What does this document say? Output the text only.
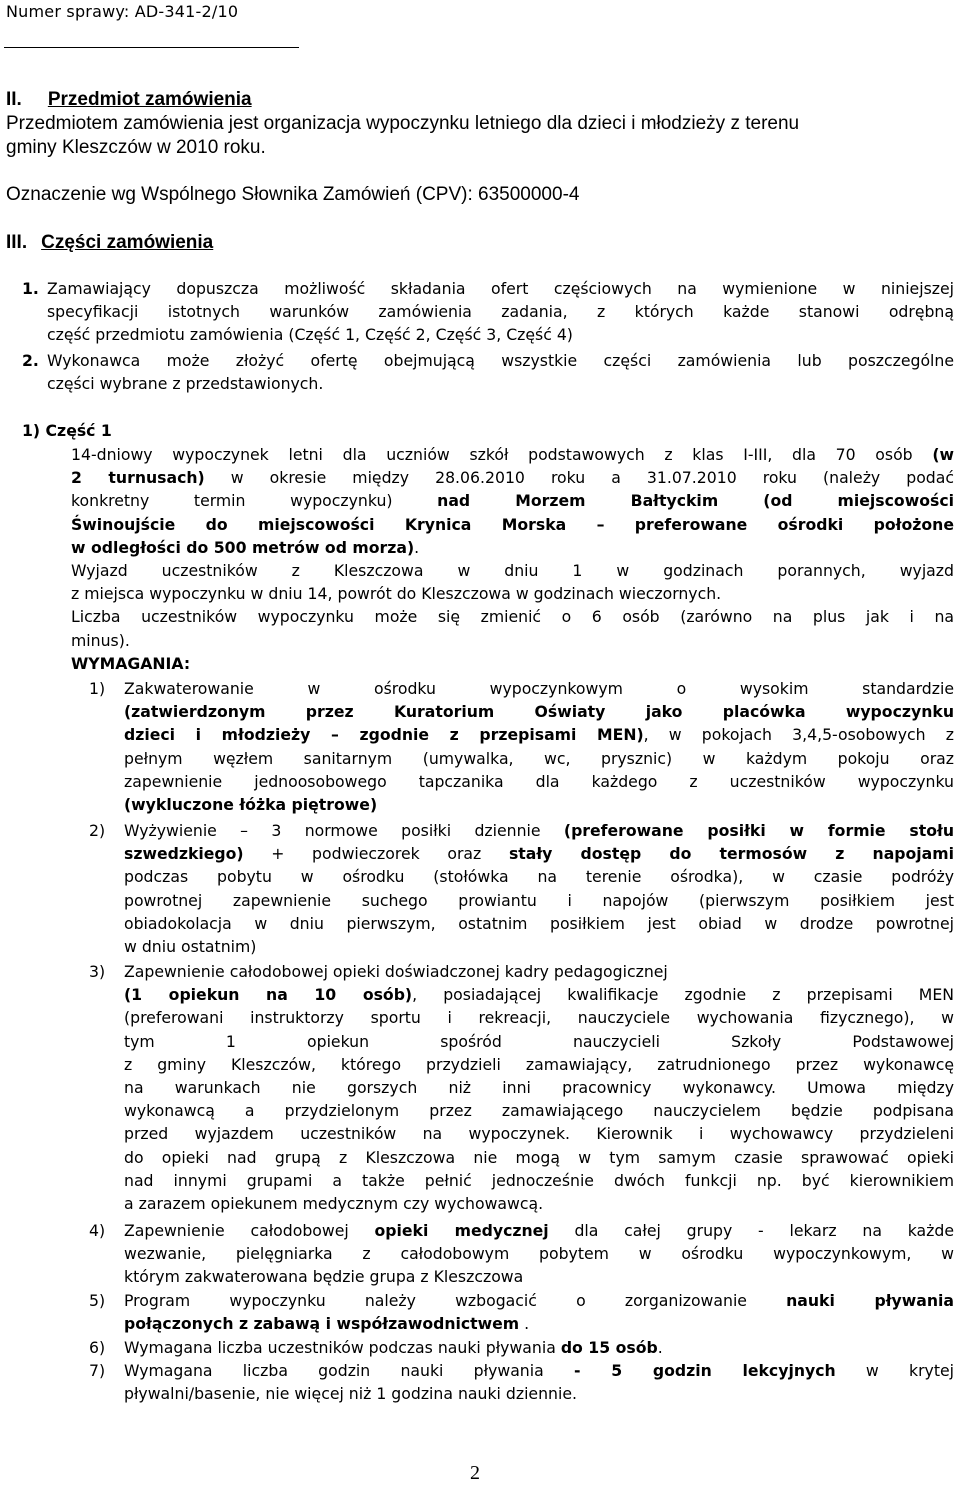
Numer sprawy: AD-341-2/10
II. Przedmiot zamówienia
Przedmiotem zamówienia jest organizacja wypoczynku letniego dla dzieci i młodzieży z terenu
gminy Kleszczów w 2010 roku.
Oznaczenie wg Wspólnego Słownika Zamówień (CPV): 63500000-4
III. Części zamówienia
1. Zamawiający dopuszcza możliwość składania ofert częściowych na wymienione w niniejszej
specyfikacji istotnych warunków zamówienia zadania, z których każde stanowi odrębną
część przedmiotu zamówienia (Część 1, Część 2, Część 3, Część 4)
2. Wykonawca może złożyć ofertę obejmującą wszystkie części zamówienia lub poszczególne
części wybrane z przedstawionych.
1) Część 1
14-dniowy wypoczynek letni dla uczniów szkół podstawowych z klas I-III, dla 70 osób (w
2 turnusach) w okresie między 28.06.2010 roku a 31.07.2010 roku (należy podać
konkretny termin wypoczynku) nad Morzem Bałtyckim (od miejscowości
Świnoujście do miejscowości Krynica Morska – preferowane ośrodki położone
w odległości do 500 metrów od morza).
Wyjazd uczestników z Kleszczowa w dniu 1 w godzinach porannych, wyjazd
z miejsca wypoczynku w dniu 14, powrót do Kleszczowa w godzinach wieczornych.
Liczba uczestników wypoczynku może się zmienić o 6 osób (zarówno na plus jak i na
minus).
WYMAGANIA:
1) Zakwaterowanie w ośrodku wypoczynkowym o wysokim standardzie
(zatwierdzonym przez Kuratorium Oświaty jako placówka wypoczynku
dzieci i młodzieży – zgodnie z przepisami MEN), w pokojach 3,4,5-osobowych z
pełnym węzłem sanitarnym (umywalka, wc, prysznic) w każdym pokoju oraz
zapewnienie jednoosobowego tapczanika dla każdego z uczestników wypoczynku
(wykluczone łóżka piętrowe)
2) Wyżywienie – 3 normowe posiłki dziennie (preferowane posiłki w formie stołu
szwedzkiego) + podwieczorek oraz stały dostęp do termosów z napojami
podczas pobytu w ośrodku (stołówka na terenie ośrodka), w czasie podróży
powrotnej zapewnienie suchego prowiantu i napojów (pierwszym posiłkiem jest
obiadokolacja w dniu pierwszym, ostatnim posiłkiem jest obiad w drodze powrotnej
w dniu ostatnim)
3) Zapewnienie całodobowej opieki doświadczonej kadry pedagogicznej
(1 opiekun na 10 osób), posiadającej kwalifikacje zgodnie z przepisami MEN
(preferowani instruktorzy sportu i rekreacji, nauczyciele wychowania fizycznego), w
tym 1 opiekun spośród nauczycieli Szkoły Podstawowej
z gminy Kleszczów, którego przydzieli zamawiający, zatrudnionego przez wykonawcę
na warunkach nie gorszych niż inni pracownicy wykonawcy. Umowa między
wykonawcą a przydzielonym przez zamawiającego nauczycielem będzie podpisana
przed wyjazdem uczestników na wypoczynek. Kierownik i wychowawcy przydzieleni
do opieki nad grupą z Kleszczowa nie mogą w tym samym czasie sprawować opieki
nad innymi grupami a także pełnić jednocześnie dwóch funkcji np. być kierownikiem
a zarazem opiekunem medycznym czy wychowawcą.
4) Zapewnienie całodobowej opieki medycznej dla całej grupy - lekarz na każde
wezwanie, pielęgniarka z całodobowym pobytem w ośrodku wypoczynkowym, w
którym zakwaterowana będzie grupa z Kleszczowa
5) Program wypoczynku należy wzbogacić o zorganizowanie nauki pływania
połączonych z zabawą i współzawodnictwem .
6) Wymagana liczba uczestników podczas nauki pływania do 15 osób.
7) Wymagana liczba godzin nauki pływania - 5 godzin lekcyjnych w krytej
pływalni/basenie, nie więcej niż 1 godzina nauki dziennie.
2
